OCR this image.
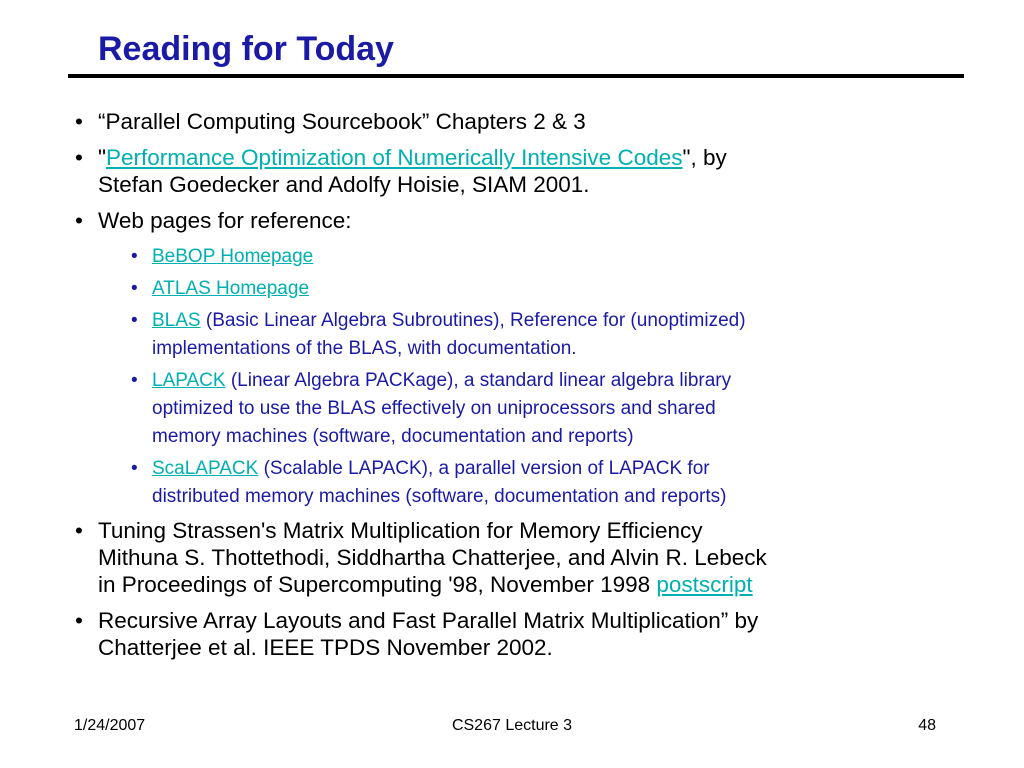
Reading for Today
• “Parallel Computing Sourcebook” Chapters 2 & 3
• "Performance Optimization of Numerically Intensive Codes", by
Stefan Goedecker and Adolfy Hoisie, SIAM 2001.
• Web pages for reference:
• BeBOP Homepage
• ATLAS Homepage
• BLAS (Basic Linear Algebra Subroutines), Reference for (unoptimized)
implementations of the BLAS, with documentation.
• LAPACK (Linear Algebra PACKage), a standard linear algebra library
optimized to use the BLAS effectively on uniprocessors and shared
memory machines (software, documentation and reports)
• ScaLAPACK (Scalable LAPACK), a parallel version of LAPACK for
distributed memory machines (software, documentation and reports)
• Tuning Strassen's Matrix Multiplication for Memory Efficiency
Mithuna S. Thottethodi, Siddhartha Chatterjee, and Alvin R. Lebeck
in Proceedings of Supercomputing '98, November 1998 postscript
• Recursive Array Layouts and Fast Parallel Matrix Multiplication” by
Chatterjee et al. IEEE TPDS November 2002.
1/24/2007	CS267 Lecture 3	48
